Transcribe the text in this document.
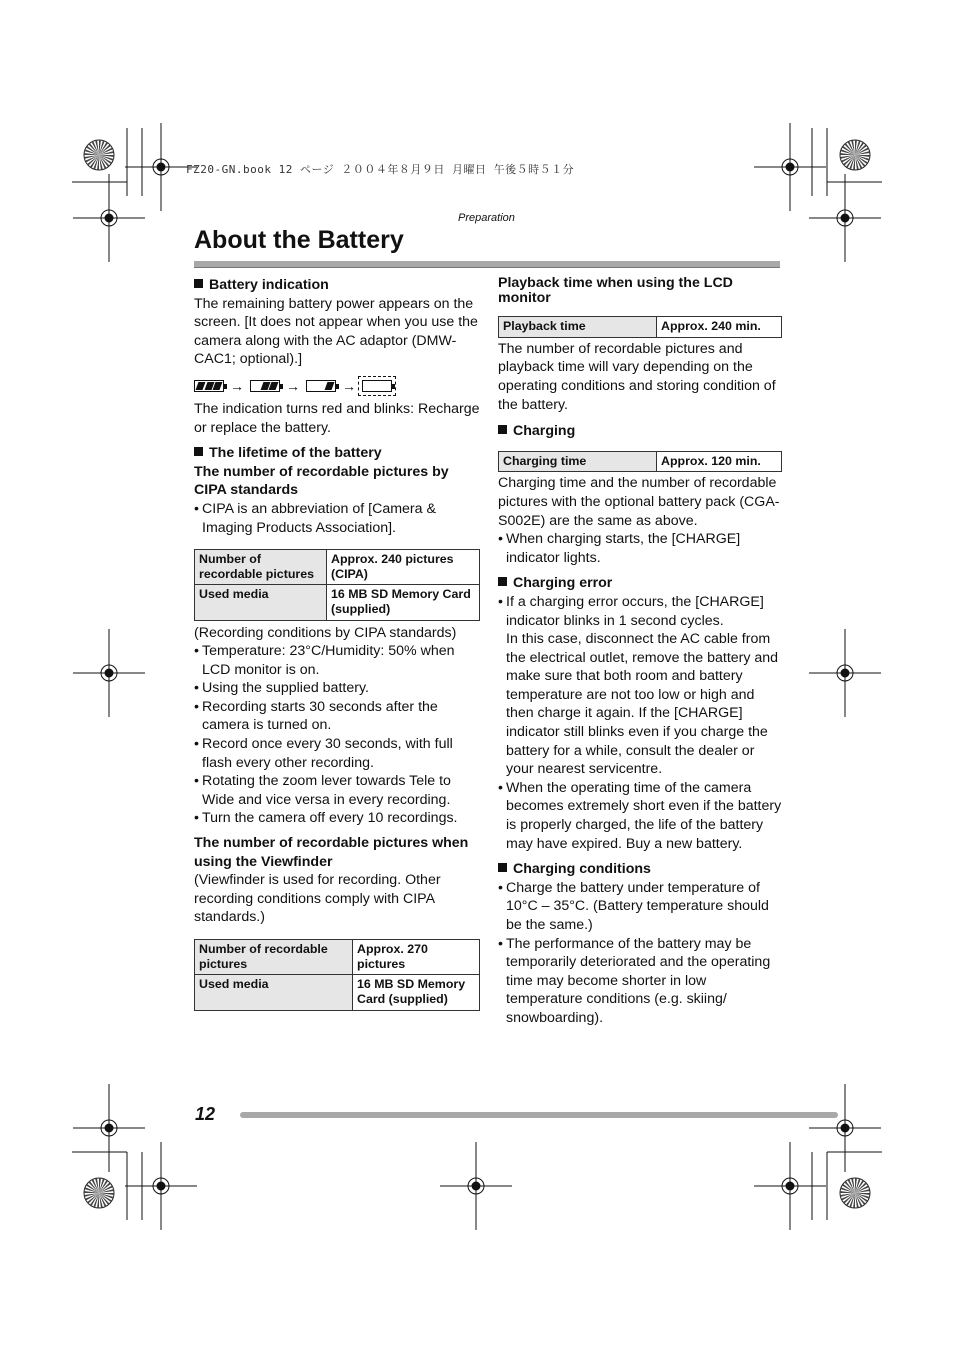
FZ20-GN.book 12 ページ ２００４年８月９日 月曜日 午後５時５１分
Preparation
About the Battery

Battery indication

The remaining battery power appears on the screen. [It does not appear when you use the camera along with the AC adaptor (DMW-CAC1; optional).]

→	→	→

The indication turns red and blinks: Recharge or replace the battery.

The lifetime of the battery

The number of recordable pictures by CIPA standards

• CIPA is an abbreviation of [Camera & Imaging Products Association].
Number of recordable pictures	Approx. 240 pictures (CIPA)
Used media	16 MB SD Memory Card (supplied)

(Recording conditions by CIPA standards)

• Temperature: 23°C/Humidity: 50% when LCD monitor is on.
• Using the supplied battery.
• Recording starts 30 seconds after the camera is turned on.
• Record once every 30 seconds, with full flash every other recording.
• Rotating the zoom lever towards Tele to Wide and vice versa in every recording.
• Turn the camera off every 10 recordings.

The number of recordable pictures when using the Viewfinder

(Viewfinder is used for recording. Other recording conditions comply with CIPA standards.)

Number of recordable pictures	Approx. 270 pictures
Used media	16 MB SD Memory Card (supplied)

Playback time when using the LCD monitor

Playback time	Approx. 240 min.

The number of recordable pictures and playback time will vary depending on the operating conditions and storing condition of the battery.

Charging

Charging time	Approx. 120 min.

Charging time and the number of recordable pictures with the optional battery pack (CGA-S002E) are the same as above.

• When charging starts, the [CHARGE] indicator lights.

Charging error

• If a charging error occurs, the [CHARGE] indicator blinks in 1 second cycles.
In this case, disconnect the AC cable from the electrical outlet, remove the battery and make sure that both room and battery temperature are not too low or high and then charge it again. If the [CHARGE] indicator still blinks even if you charge the battery for a while, consult the dealer or your nearest servicentre.
• When the operating time of the camera becomes extremely short even if the battery is properly charged, the life of the battery may have expired. Buy a new battery.

Charging conditions

• Charge the battery under temperature of 10°C – 35°C. (Battery temperature should be the same.)
• The performance of the battery may be temporarily deteriorated and the operating time may become shorter in low temperature conditions (e.g. skiing/ snowboarding).
12
